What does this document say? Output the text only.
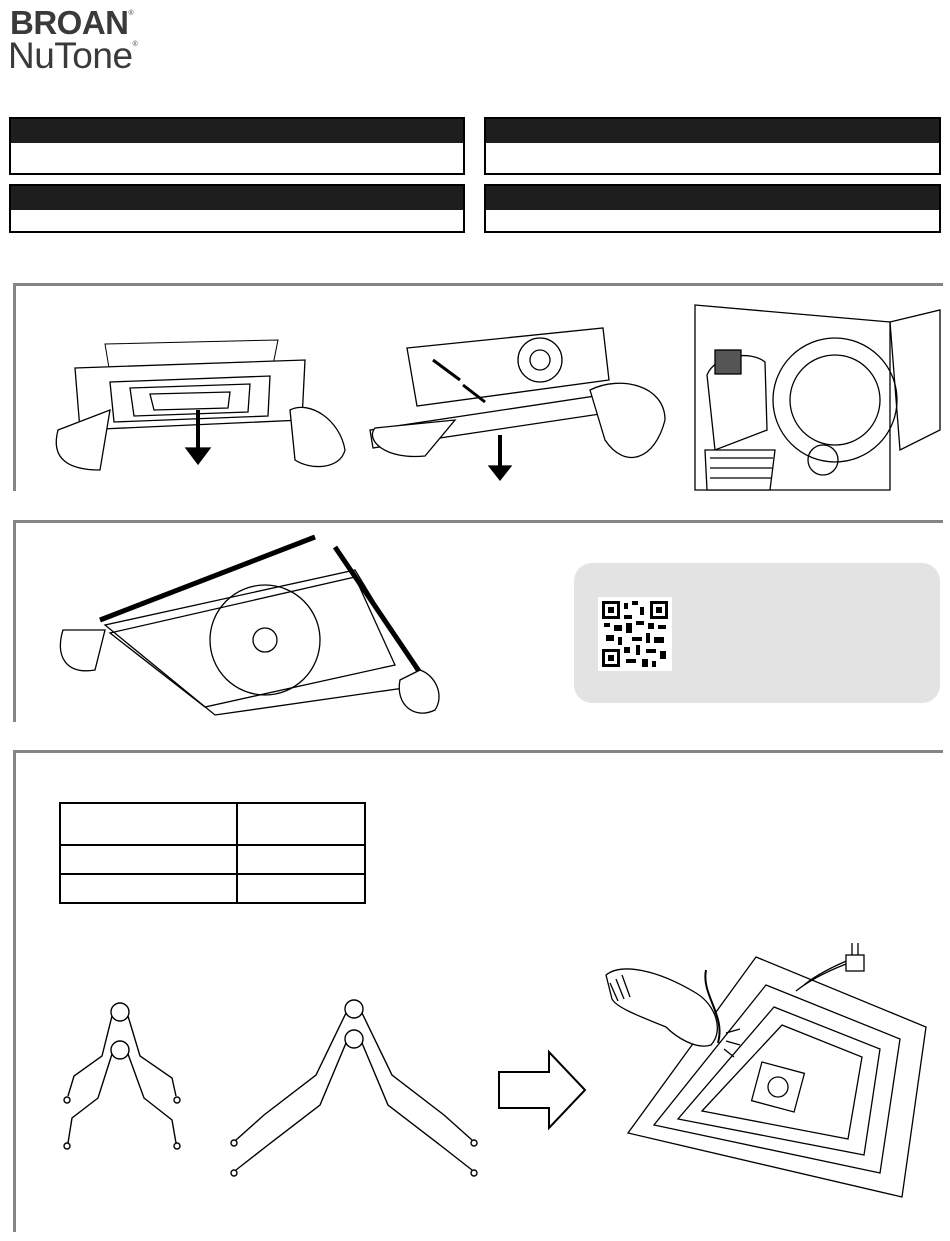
BROAN®
NuTone®
